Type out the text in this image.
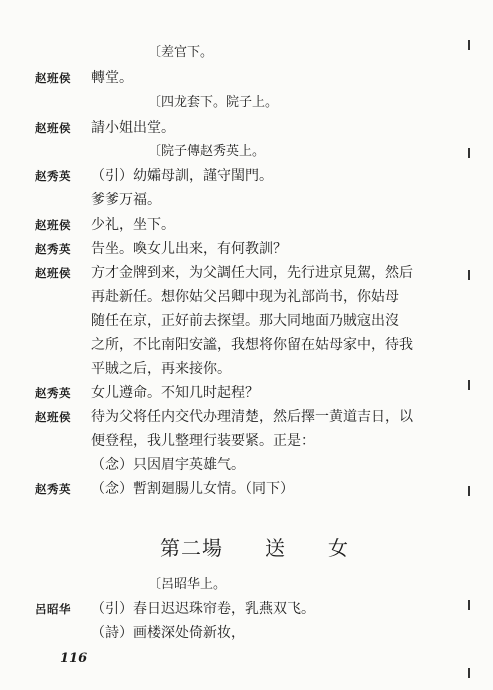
〔差官下。
赵班侯	轉堂。
〔四龙套下。院子上。
赵班侯	請小姐出堂。
〔院子傳赵秀英上。
赵秀英	（引）幼孀母訓，謹守閨門。
爹爹万福。
赵班侯	少礼，坐下。
赵秀英	告坐。喚女儿出来，有何教訓？
赵班侯	方才金牌到来，为父調任大同，先行进京見駕，然后
再赴新任。想你姑父呂卿中现为礼部尚书，你姑母
随任在京，正好前去探望。那大同地面乃賊寇出沒
之所，不比南阳安謐，我想将你留在姑母家中，待我
平賊之后，再来接你。
赵秀英	女儿遵命。不知几时起程？
赵班侯	待为父将任内交代办理清楚，然后擇一黄道吉日，以
便登程，我儿整理行装要紧。正是：
（念）只因眉宇英雄气。
赵秀英	（念）暫割廻腸儿女情。（同下）
第二場 送 女
〔呂昭华上。
呂昭华	（引）春日迟迟珠帘卷，乳燕双飞。
（詩）画楼深处倚新妆，
116
